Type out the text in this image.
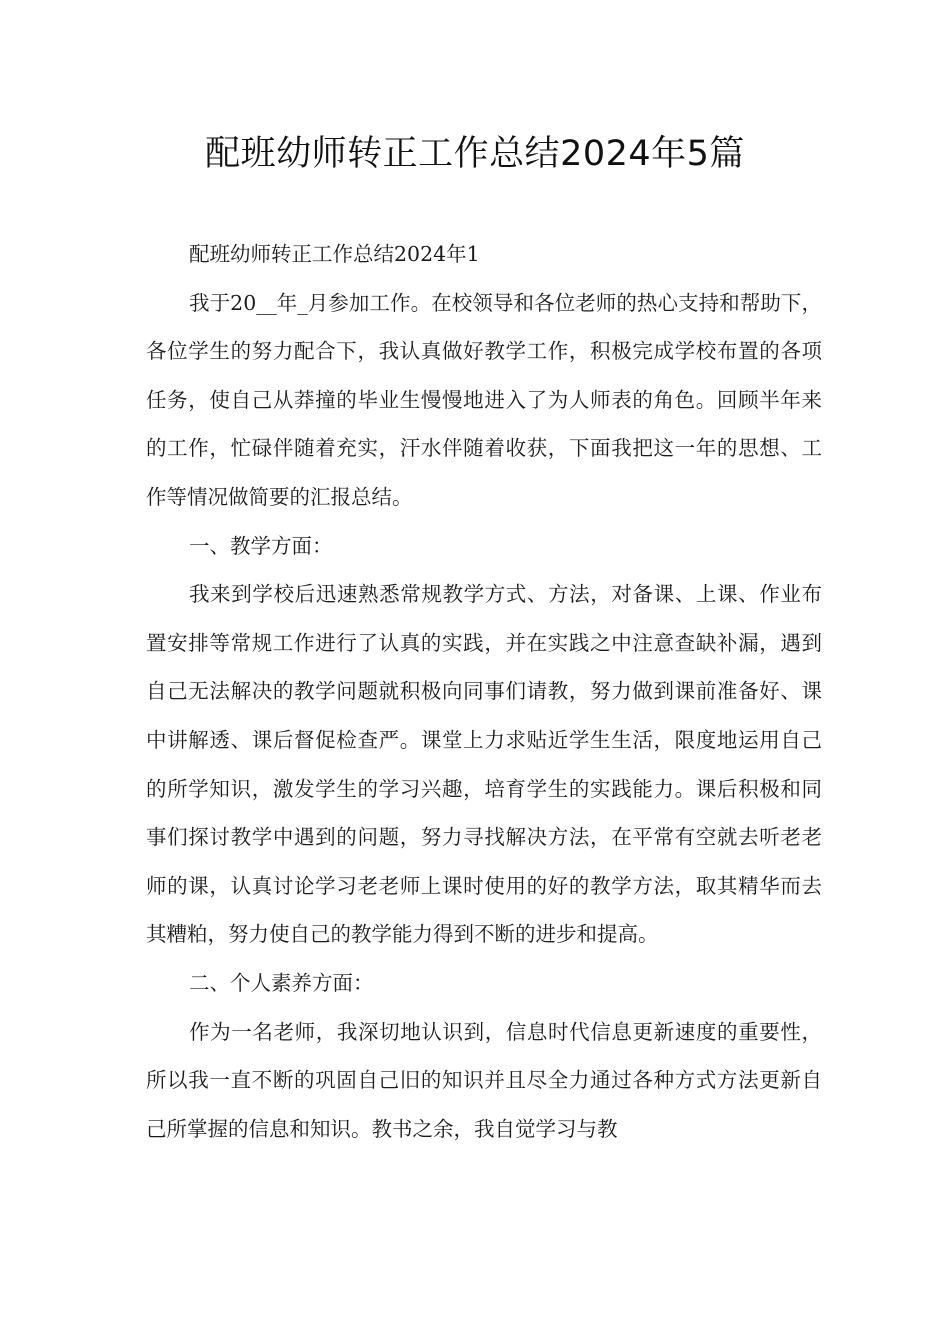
配班幼师转正工作总结2024年5篇

配班幼师转正工作总结2024年1

我于20__年_月参加工作。在校领导和各位老师的热心支持和帮助下，各位学生的努力配合下，我认真做好教学工作，积极完成学校布置的各项任务，使自己从莽撞的毕业生慢慢地进入了为人师表的角色。回顾半年来的工作，忙碌伴随着充实，汗水伴随着收获，下面我把这一年的思想、工作等情况做简要的汇报总结。

一、教学方面：

我来到学校后迅速熟悉常规教学方式、方法，对备课、上课、作业布置安排等常规工作进行了认真的实践，并在实践之中注意查缺补漏，遇到自己无法解决的教学问题就积极向同事们请教，努力做到课前准备好、课中讲解透、课后督促检查严。课堂上力求贴近学生生活，限度地运用自己的所学知识，激发学生的学习兴趣，培育学生的实践能力。课后积极和同事们探讨教学中遇到的问题，努力寻找解决方法，在平常有空就去听老老师的课，认真讨论学习老老师上课时使用的好的教学方法，取其精华而去其糟粕，努力使自己的教学能力得到不断的进步和提高。

二、个人素养方面：

作为一名老师，我深切地认识到，信息时代信息更新速度的重要性，所以我一直不断的巩固自己旧的知识并且尽全力通过各种方式方法更新自己所掌握的信息和知识。教书之余，我自觉学习与教
